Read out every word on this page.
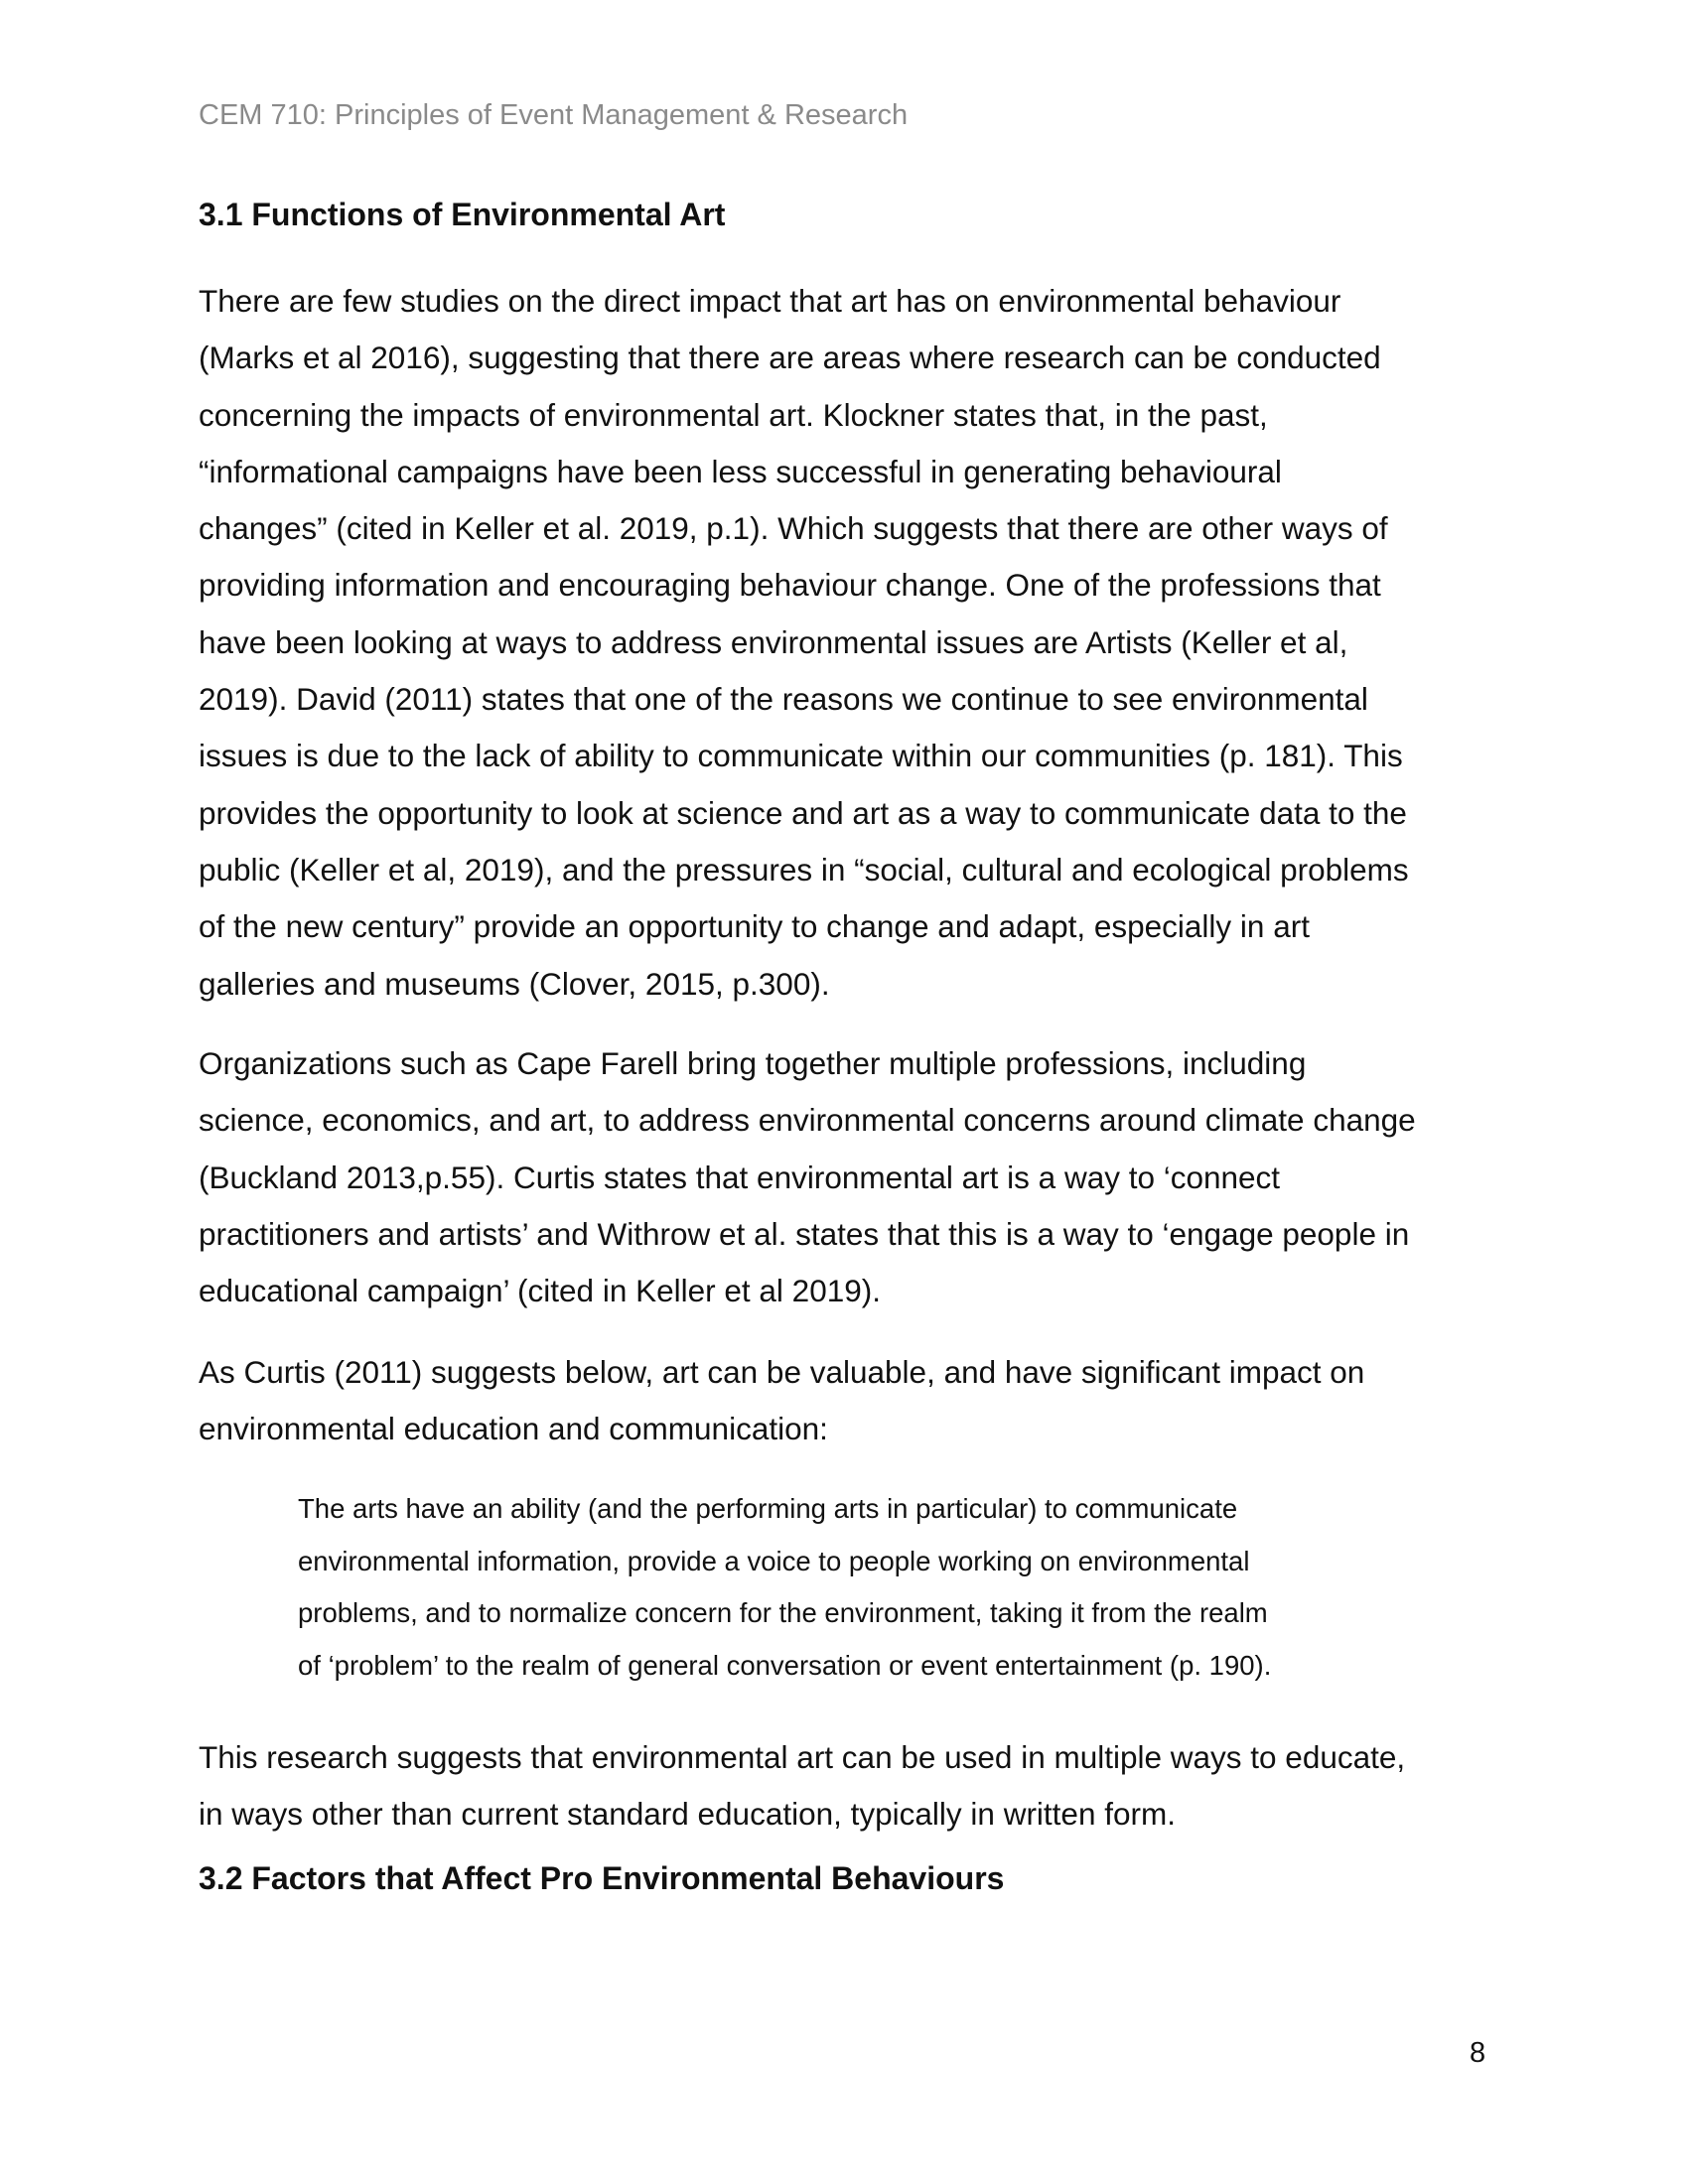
CEM 710: Principles of Event Management & Research
3.1 Functions of Environmental Art

There are few studies on the direct impact that art has on environmental behaviour
(Marks et al 2016), suggesting that there are areas where research can be conducted
concerning the impacts of environmental art. Klockner states that, in the past,
“informational campaigns have been less successful in generating behavioural
changes” (cited in Keller et al. 2019, p.1). Which suggests that there are other ways of
providing information and encouraging behaviour change. One of the professions that
have been looking at ways to address environmental issues are Artists (Keller et al,
2019). David (2011) states that one of the reasons we continue to see environmental
issues is due to the lack of ability to communicate within our communities (p. 181). This
provides the opportunity to look at science and art as a way to communicate data to the
public (Keller et al, 2019), and the pressures in “social, cultural and ecological problems
of the new century” provide an opportunity to change and adapt, especially in art
galleries and museums (Clover, 2015, p.300).

Organizations such as Cape Farell bring together multiple professions, including
science, economics, and art, to address environmental concerns around climate change
(Buckland 2013,p.55). Curtis states that environmental art is a way to ‘connect
practitioners and artists’ and Withrow et al. states that this is a way to ‘engage people in
educational campaign’ (cited in Keller et al 2019).

As Curtis (2011) suggests below, art can be valuable, and have significant impact on
environmental education and communication:

The arts have an ability (and the performing arts in particular) to communicate
environmental information, provide a voice to people working on environmental
problems, and to normalize concern for the environment, taking it from the realm
of ‘problem’ to the realm of general conversation or event entertainment (p. 190).

This research suggests that environmental art can be used in multiple ways to educate,
in ways other than current standard education, typically in written form.

3.2 Factors that Affect Pro Environmental Behaviours
8
